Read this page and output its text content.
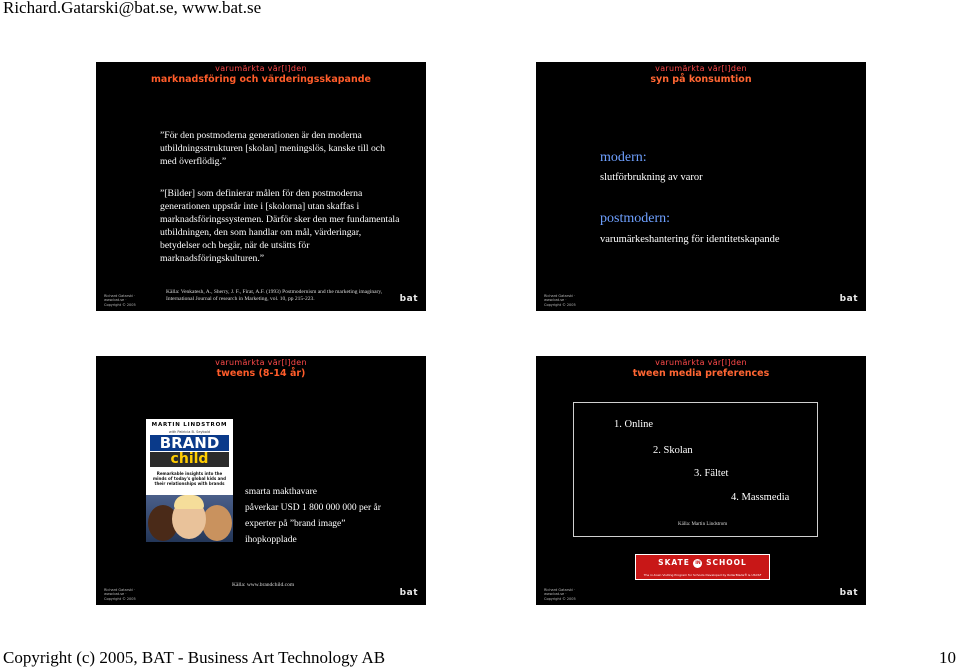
Richard.Gatarski@bat.se, www.bat.se
varumärkta vär[l]den
marknadsföring och värderingsskapande
”För den postmoderna generationen är den moderna utbildningsstrukturen [skolan] meningslös, kanske till och med överflödig.”
”[Bilder] som definierar målen för den postmoderna generationen uppstår inte i [skolorna] utan skaffas i marknadsföringssystemen. Därför sker den mer fundamentala utbildningen, den som handlar om mål, värderingar, betydelser och begär, när de utsätts för marknadsföringskulturen.”
Källa: Venkatesh, A., Sherry, J. F., Firat, A.F. (1993) Postmodernism and the marketing imaginary, International Journal of research in Marketing, vol. 10, pp 215-223.
Richard Gatarski · www.bat.se · Copyright © 2005
bat
varumärkta vär[l]den
syn på konsumtion
modern:
slutförbrukning av varor
postmodern:
varumärkeshantering för identitetskapande
Richard Gatarski · www.bat.se · Copyright © 2005
bat
varumärkta vär[l]den
tweens (8-14 år)
MARTIN LINDSTROM
with Patricia B. Seybold
BRAND
child
Remarkable insights into the minds of today's global kids and their relationships with brands
smarta makthavare
påverkar USD 1 800 000 000 per år
experter på ”brand image”
ihopkopplade
Källa: www.brandchild.com
Richard Gatarski · www.bat.se · Copyright © 2005
bat
varumärkta vär[l]den
tween media preferences
1. Online
2. Skolan
3. Fältet
4. Massmedia
Källa: Martin Lindstrom
SKATE IN SCHOOL
The in-town Visiting Program for Schools Developed by RollerBlade® & USCSF
Richard Gatarski · www.bat.se · Copyright © 2005
bat
Copyright (c) 2005, BAT - Business Art Technology AB	10
